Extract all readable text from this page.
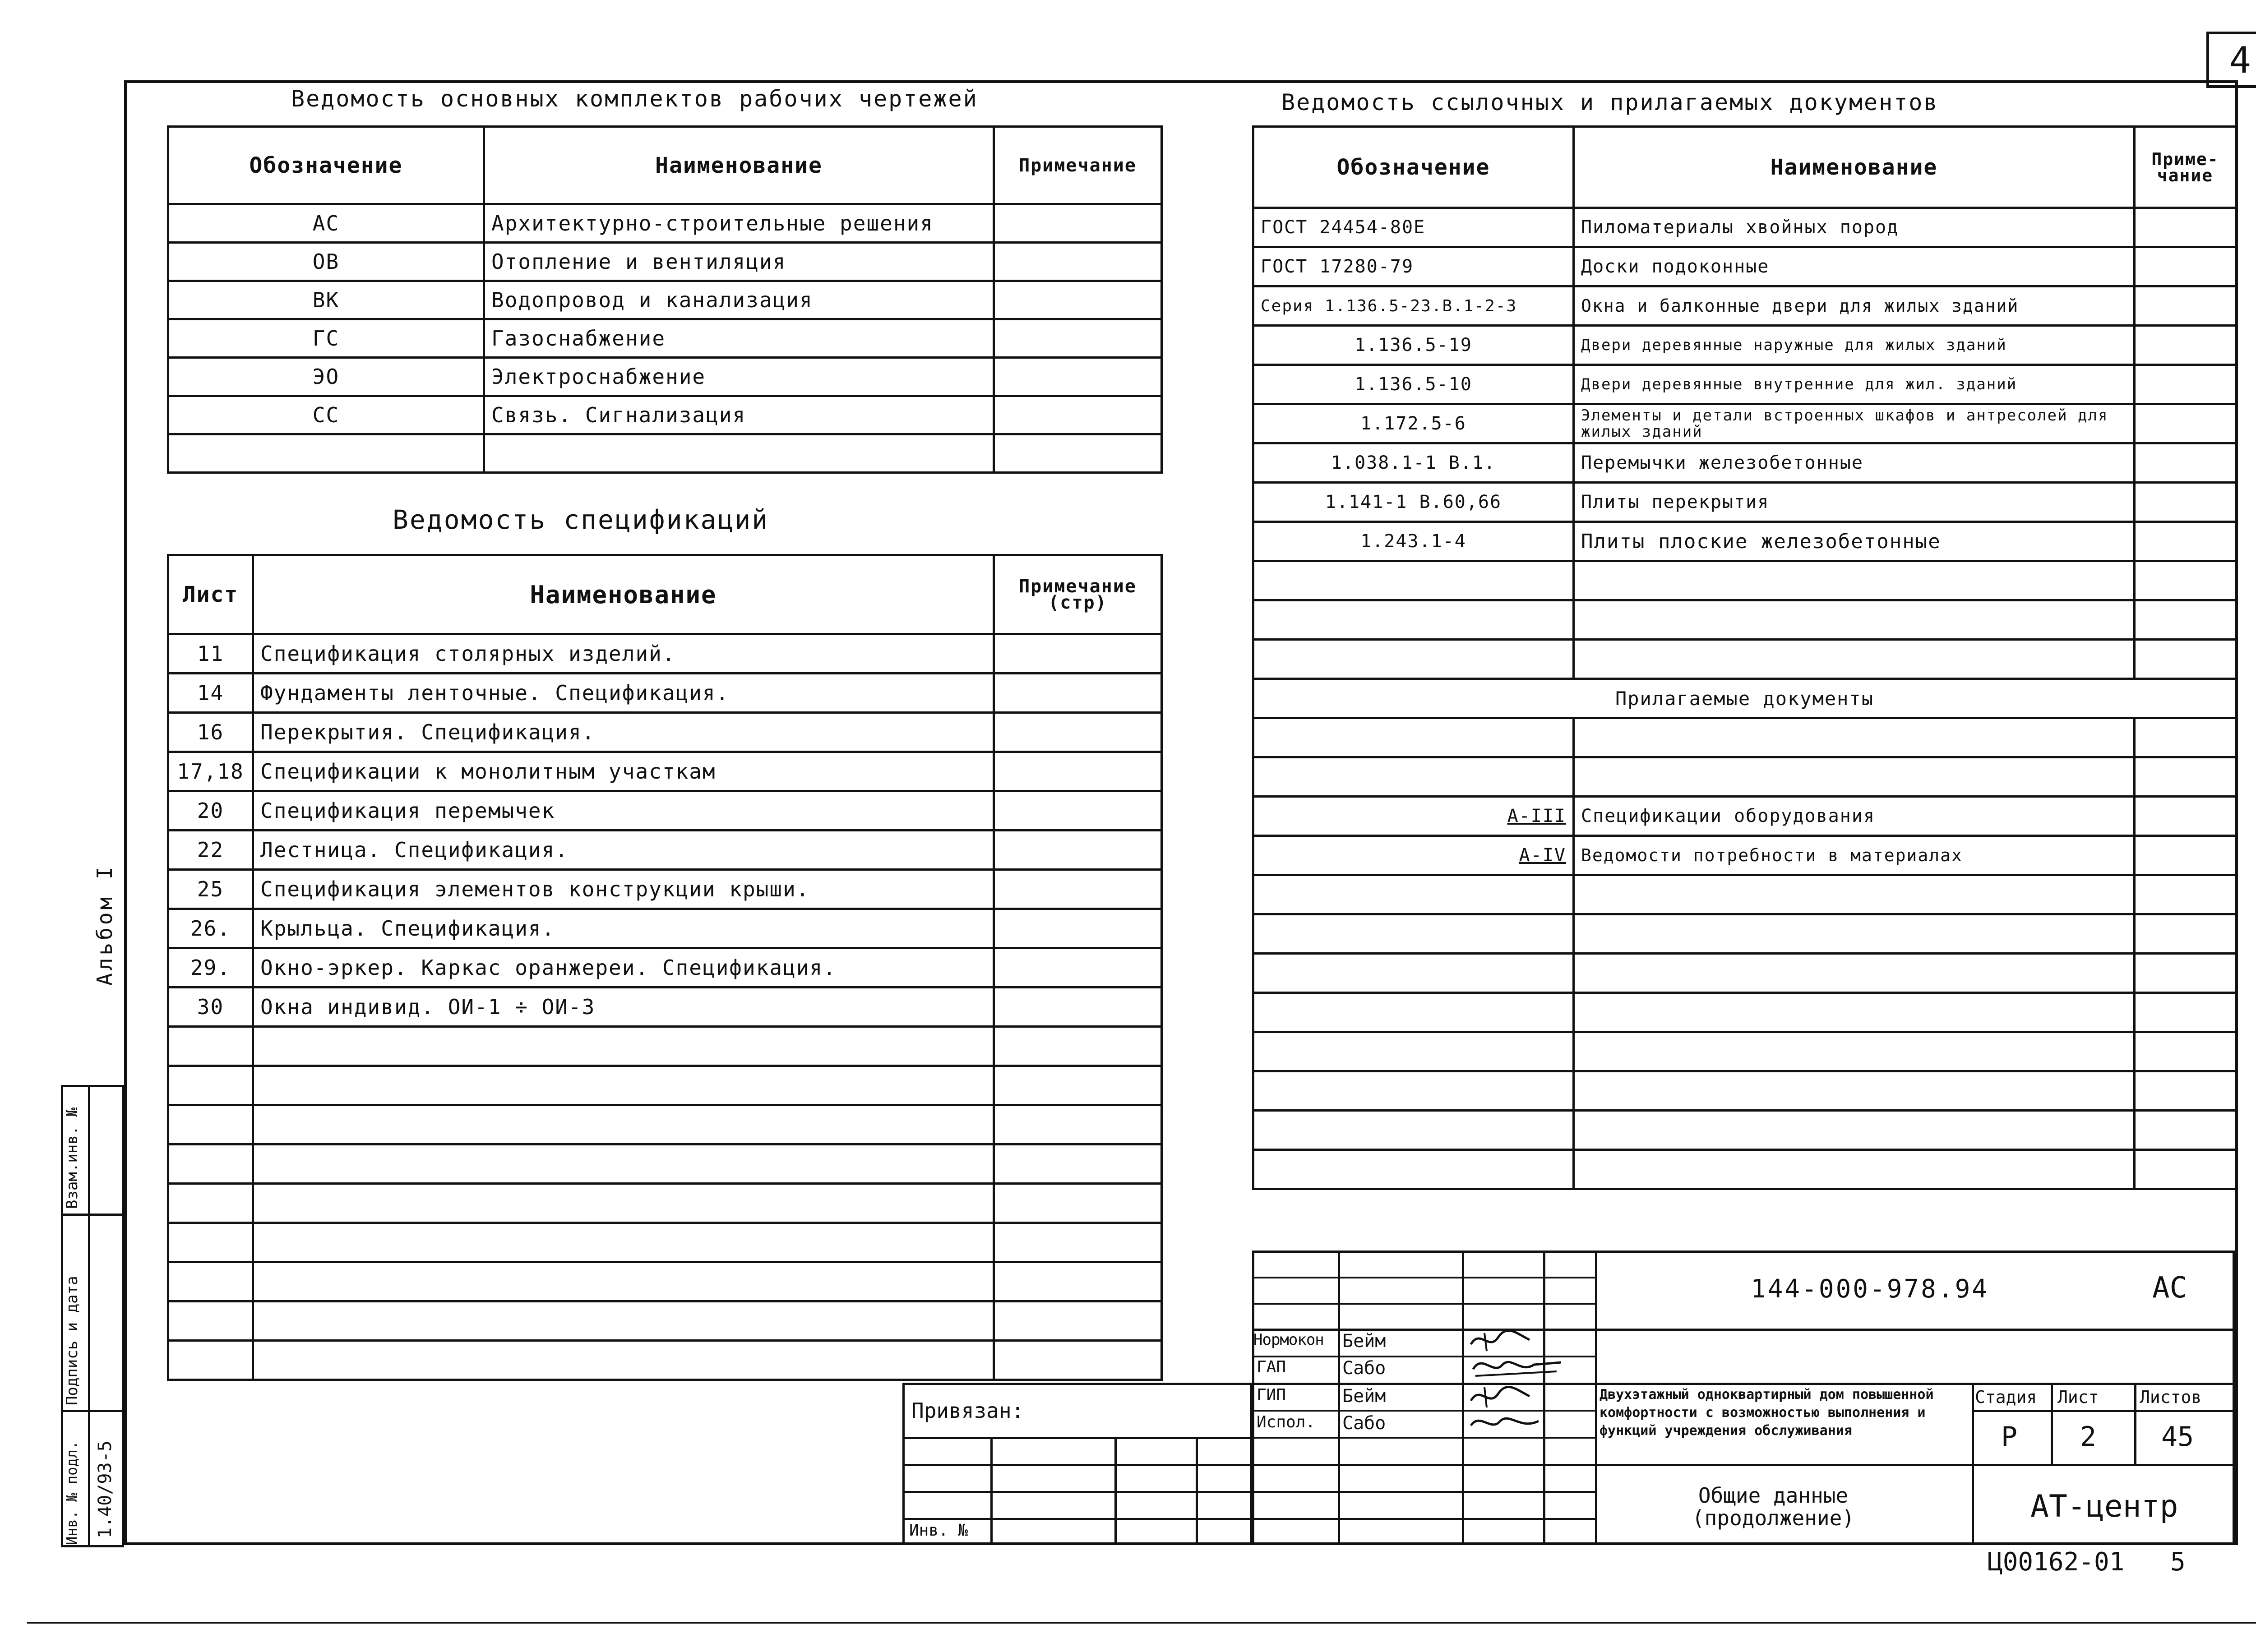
4
Ведомость основных комплектов рабочих чертежей
Обозначение	Наименование	Примечание
АС	Архитектурно-строительные решения	
ОВ	Отопление и вентиляция	
ВК	Водопровод и канализация	
ГС	Газоснабжение	
ЭО	Электроснабжение	
СС	Связь. Сигнализация	

Ведомость спецификаций
Лист	Наименование	Примечание (стр)
11	Спецификация столярных изделий.	
14	Фундаменты ленточные. Спецификация.	
16	Перекрытия. Спецификация.	
17,18	Спецификации к монолитным участкам	
20	Спецификация перемычек	
22	Лестница. Спецификация.	
25	Спецификация элементов конструкции крыши.	
26.	Крыльца. Спецификация.	
29.	Окно-эркер. Каркас оранжереи. Спецификация.	
30	Окна индивид. ОИ-1 ÷ ОИ-3	

Ведомость ссылочных и прилагаемых документов
Обозначение	Наименование	Приме-чание
ГОСТ 24454-80Е	Пиломатериалы хвойных пород	
ГОСТ 17280-79	Доски подоконные	
Серия 1.136.5-23.В.1-2-3	Окна и балконные двери для жилых зданий	
1.136.5-19	Двери деревянные наружные для жилых зданий	
1.136.5-10	Двери деревянные внутренние для жил. зданий	
1.172.5-6	Элементы и детали встроенных шкафов и антресолей для жилых зданий	
1.038.1-1 В.1.	Перемычки железобетонные	
1.141-1 В.60,66	Плиты перекрытия	
1.243.1-4	Плиты плоские железобетонные	

Прилагаемые документы		

А-III	Спецификации оборудования	
А-IV	Ведомости потребности в материалах	

Альбом I
Взам.инв. №
Подпись и дата
Инв. № подл. 1.40/93-5
Привязан:
Инв. №
Нормокон Бейм
ГАП	Сабо
ГИП	Бейм
Испол. Сабо
144-000-978.94	АС
Двухэтажный одноквартирный дом повышенной комфортности с возможностью выполнения и функций учреждения обслуживания
Стадия Лист Листов
Р 2 45
Общие данные (продолжение)	АТ-центр
Ц00162-01 5
